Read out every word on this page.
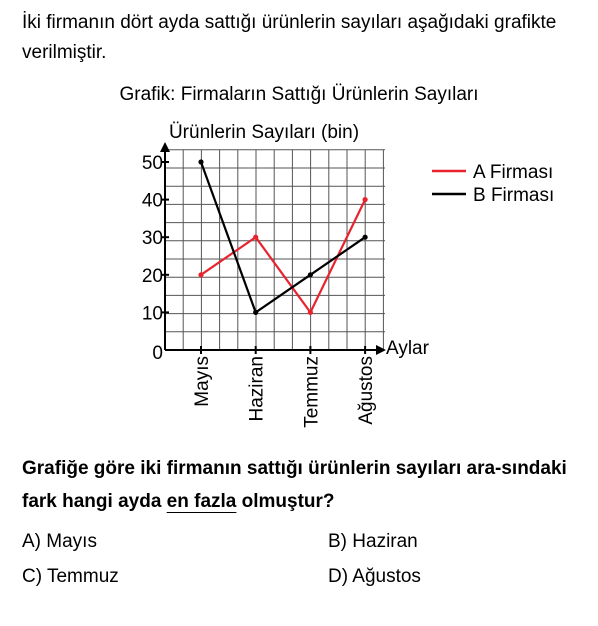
İki firmanın dört ayda sattığı ürünlerin sayıları aşağıdaki grafikte verilmiştir.
Grafik: Firmaların Sattığı Ürünlerin Sayıları
0
10
20
30
40
50
Mayıs Haziran Temmuz Ağustos
A Firması
B Firması
Ürünlerin Sayıları (bin)
Aylar
Grafiğe göre iki firmanın sattığı ürünlerin sayıları ara-sındaki fark hangi ayda en fazla olmuştur?
A) Mayıs	B) Haziran
C) Temmuz	D) Ağustos
